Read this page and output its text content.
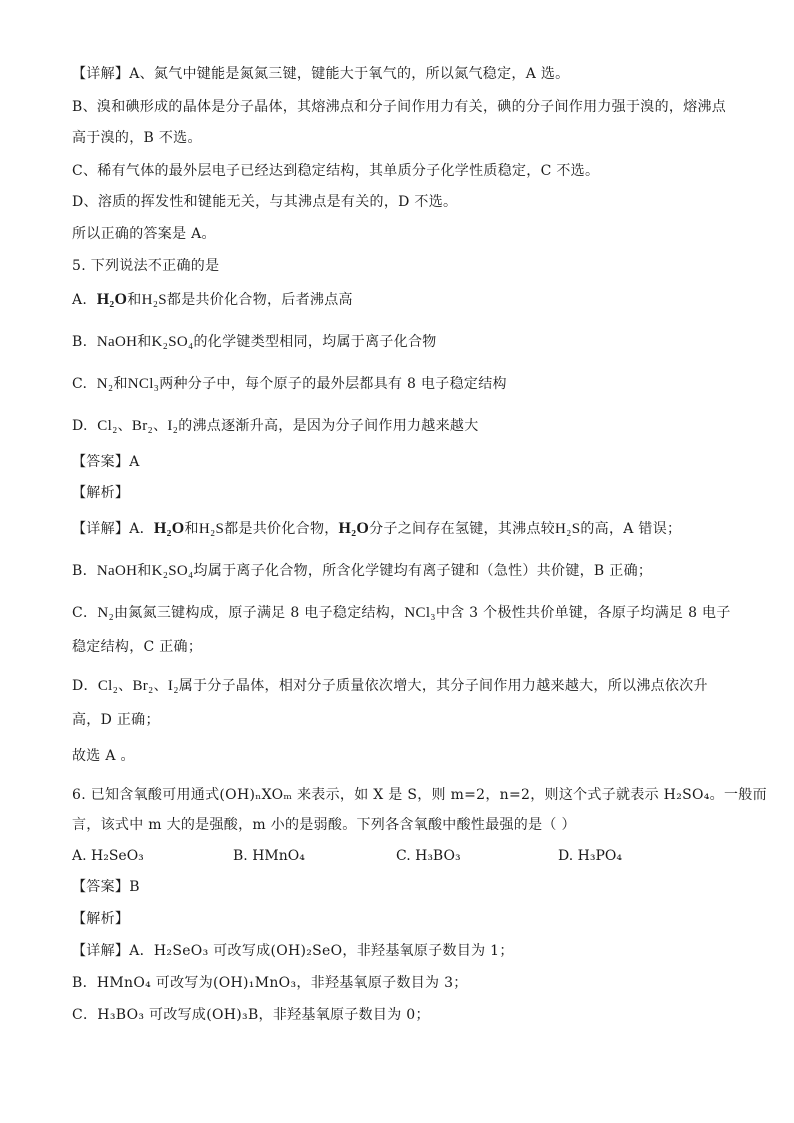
【详解】A、氮气中键能是氮氮三键，键能大于氧气的，所以氮气稳定，A 选。
B、溴和碘形成的晶体是分子晶体，其熔沸点和分子间作用力有关，碘的分子间作用力强于溴的，熔沸点
高于溴的，B 不选。
C、稀有气体的最外层电子已经达到稳定结构，其单质分子化学性质稳定，C 不选。
D、溶质的挥发性和键能无关，与其沸点是有关的，D 不选。
所以正确的答案是 A。
5. 下列说法不正确的是
A. H₂O和H₂S都是共价化合物，后者沸点高
B. NaOH和K₂SO₄的化学键类型相同，均属于离子化合物
C. N₂和NCl₃两种分子中，每个原子的最外层都具有 8 电子稳定结构
D. Cl₂、Br₂、I₂的沸点逐渐升高，是因为分子间作用力越来越大
【答案】A
【解析】
【详解】A．H₂O和H₂S都是共价化合物，H₂O分子之间存在氢键，其沸点较H₂S的高，A 错误；
B．NaOH和K₂SO₄均属于离子化合物，所含化学键均有离子键和（急性）共价键，B 正确；
C．N₂由氮氮三键构成，原子满足 8 电子稳定结构，NCl₃中含 3 个极性共价单键，各原子均满足 8 电子
稳定结构，C 正确；
D．Cl₂、Br₂、I₂属于分子晶体，相对分子质量依次增大，其分子间作用力越来越大，所以沸点依次升
高，D 正确；
故选 A 。
6. 已知含氧酸可用通式(OH)ₙXOₘ 来表示，如 X 是 S，则 m=2，n=2，则这个式子就表示 H₂SO₄。一般而
言，该式中 m 大的是强酸，m 小的是弱酸。下列各含氧酸中酸性最强的是（ ）
A. H₂SeO₃	B. HMnO₄	C. H₃BO₃	D. H₃PO₄
【答案】B
【解析】
【详解】A．H₂SeO₃ 可改写成(OH)₂SeO，非羟基氧原子数目为 1；
B．HMnO₄ 可改写为(OH)₁MnO₃，非羟基氧原子数目为 3；
C．H₃BO₃ 可改写成(OH)₃B，非羟基氧原子数目为 0；
